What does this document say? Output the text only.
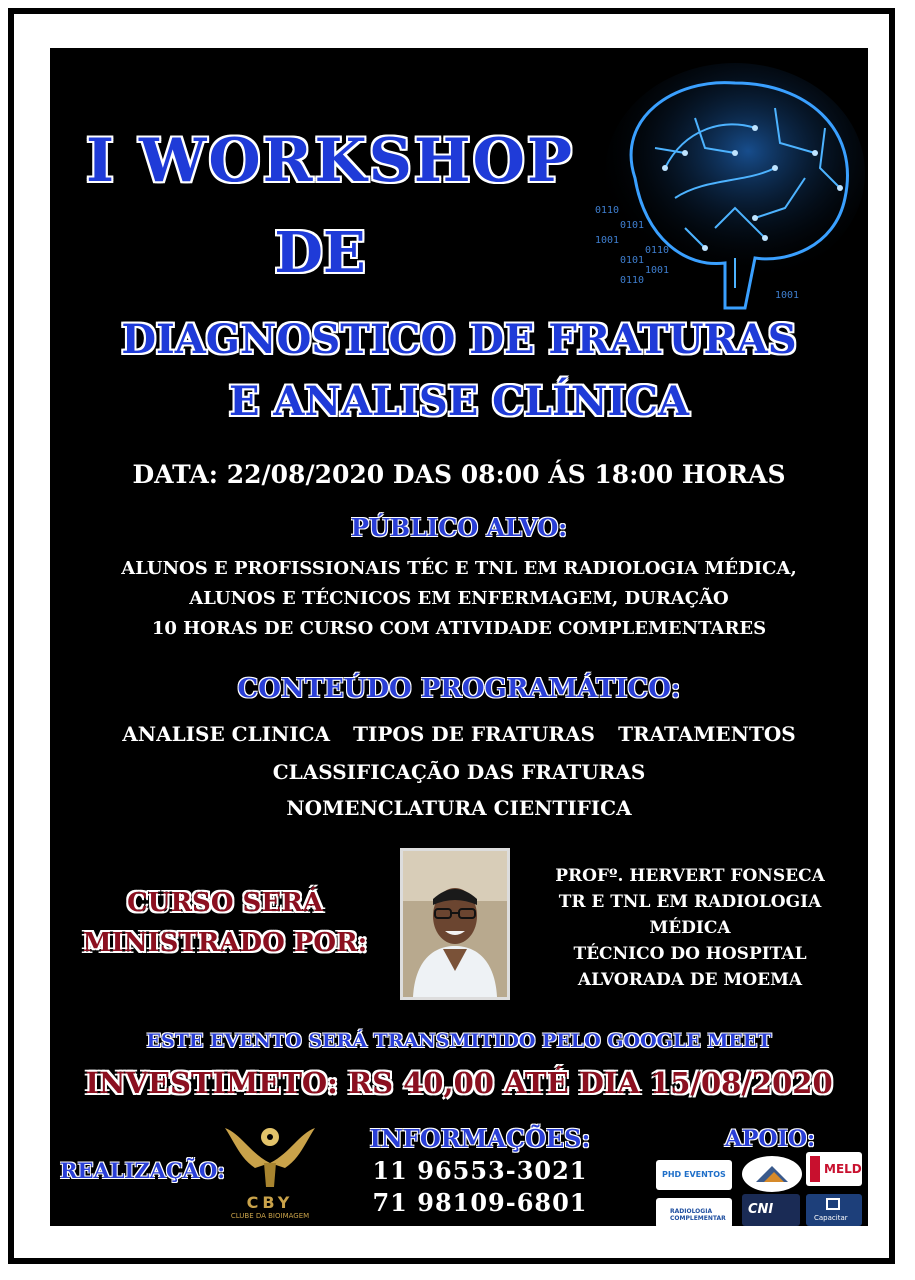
0110
0101
1001
0110
0101
1001
0110
1001
I WORKSHOP
DE
DIAGNOSTICO DE FRATURAS
E ANALISE CLÍNICA
DATA: 22/08/2020 DAS 08:00 ÁS 18:00 HORAS
PÚBLICO ALVO:
ALUNOS E PROFISSIONAIS TÉC E TNL EM RADIOLOGIA MÉDICA,
ALUNOS E TÉCNICOS EM ENFERMAGEM, DURAÇÃO
10 HORAS DE CURSO COM ATIVIDADE COMPLEMENTARES
CONTEÚDO PROGRAMÁTICO:
ANALISE CLINICA TIPOS DE FRATURAS TRATAMENTOS
CLASSIFICAÇÃO DAS FRATURAS
NOMENCLATURA CIENTIFICA
CURSO SERÁ
MINISTRADO POR:
PROFº. HERVERT FONSECA
TR E TNL EM RADIOLOGIA
MÉDICA
TÉCNICO DO HOSPITAL
ALVORADA DE MOEMA
ESTE EVENTO SERÁ TRANSMITIDO PELO GOOGLE MEET
INVESTIMETO: RS 40,00 ATÉ DIA 15/08/2020
REALIZAÇÃO:
CBY
CLUBE DA BIOIMAGEM
INFORMAÇÕES:
11 96553-3021
71 98109-6801
APOIO:
PHD EVENTOS	MELD
RADIOLOGIA COMPLEMENTAR
CNI
Capacitar
